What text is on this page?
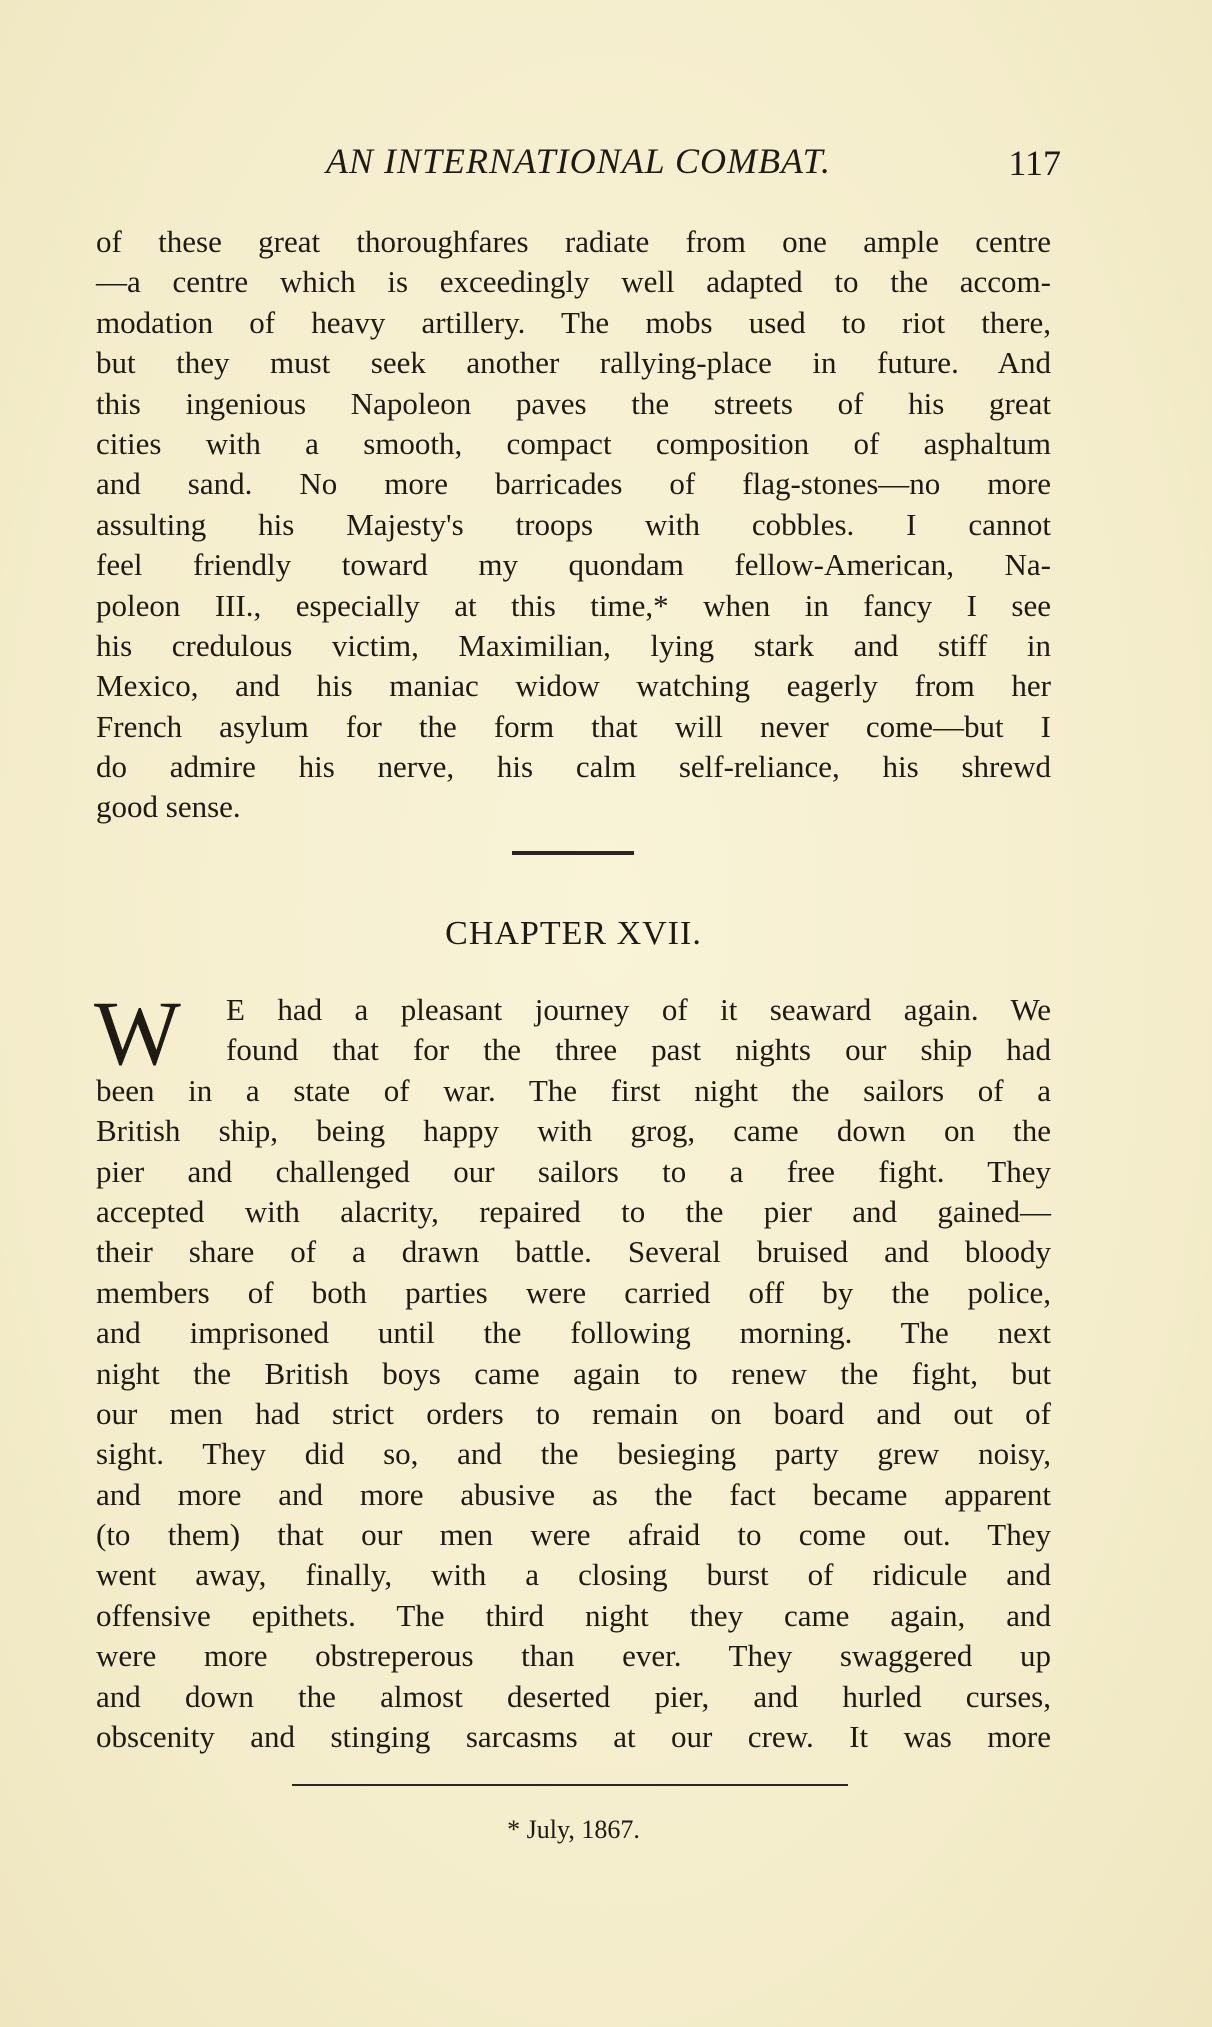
AN INTERNATIONAL COMBAT.	117
of these great thoroughfares radiate from one ample centre
—a centre which is exceedingly well adapted to the accom-
modation of heavy artillery. The mobs used to riot there,
but they must seek another rallying-place in future. And
this ingenious Napoleon paves the streets of his great
cities with a smooth, compact composition of asphaltum
and sand. No more barricades of flag-stones—no more
assulting his Majesty's troops with cobbles. I cannot
feel friendly toward my quondam fellow-American, Na-
poleon III., especially at this time,* when in fancy I see
his credulous victim, Maximilian, lying stark and stiff in
Mexico, and his maniac widow watching eagerly from her
French asylum for the form that will never come—but I
do admire his nerve, his calm self-reliance, his shrewd
good sense.
CHAPTER XVII.
W	E had a pleasant journey of it seaward again. We
found that for the three past nights our ship had
been in a state of war. The first night the sailors of a
British ship, being happy with grog, came down on the
pier and challenged our sailors to a free fight. They
accepted with alacrity, repaired to the pier and gained—
their share of a drawn battle. Several bruised and bloody
members of both parties were carried off by the police,
and imprisoned until the following morning. The next
night the British boys came again to renew the fight, but
our men had strict orders to remain on board and out of
sight. They did so, and the besieging party grew noisy,
and more and more abusive as the fact became apparent
(to them) that our men were afraid to come out. They
went away, finally, with a closing burst of ridicule and
offensive epithets. The third night they came again, and
were more obstreperous than ever. They swaggered up
and down the almost deserted pier, and hurled curses,
obscenity and stinging sarcasms at our crew. It was more
* July, 1867.
